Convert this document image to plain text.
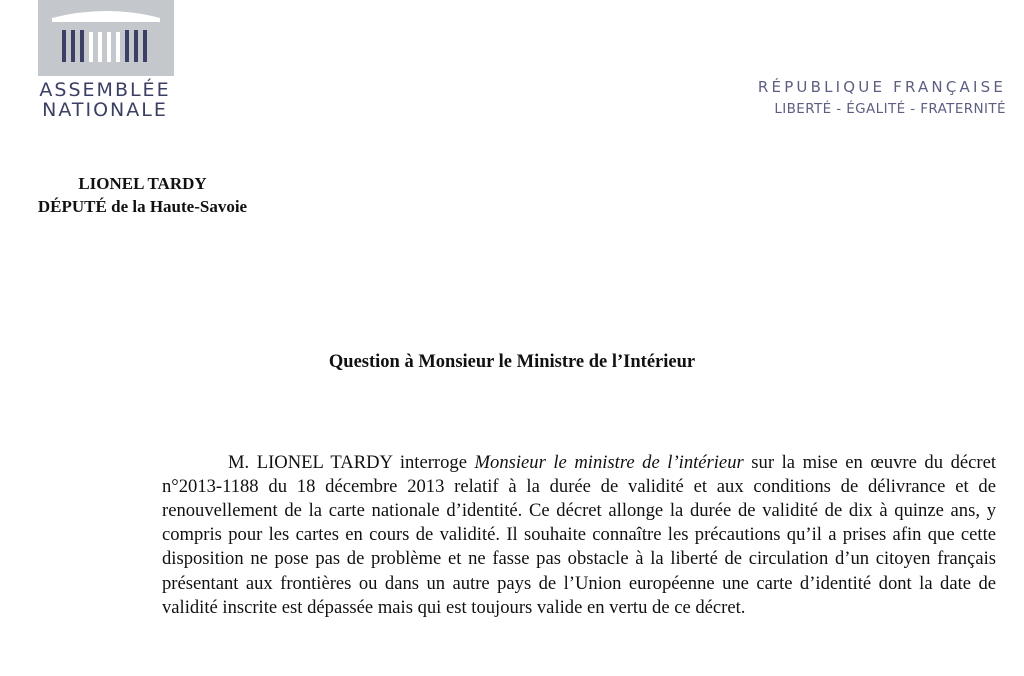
ASSEMBLÉE
NATIONALE
RÉPUBLIQUE FRANÇAISE
LIBERTÉ - ÉGALITÉ - FRATERNITÉ
LIONEL TARDY
DÉPUTÉ de la Haute-Savoie
Question à Monsieur le Ministre de l’Intérieur

M. LIONEL TARDY interroge Monsieur le ministre de l’intérieur sur la mise en œuvre du décret n°2013-1188 du 18 décembre 2013 relatif à la durée de validité et aux conditions de délivrance et de renouvellement de la carte nationale d’identité. Ce décret allonge la durée de validité de dix à quinze ans, y compris pour les cartes en cours de validité. Il souhaite connaître les précautions qu’il a prises afin que cette disposition ne pose pas de problème et ne fasse pas obstacle à la liberté de circulation d’un citoyen français présentant aux frontières ou dans un autre pays de l’Union européenne une carte d’identité dont la date de validité inscrite est dépassée mais qui est toujours valide en vertu de ce décret.
